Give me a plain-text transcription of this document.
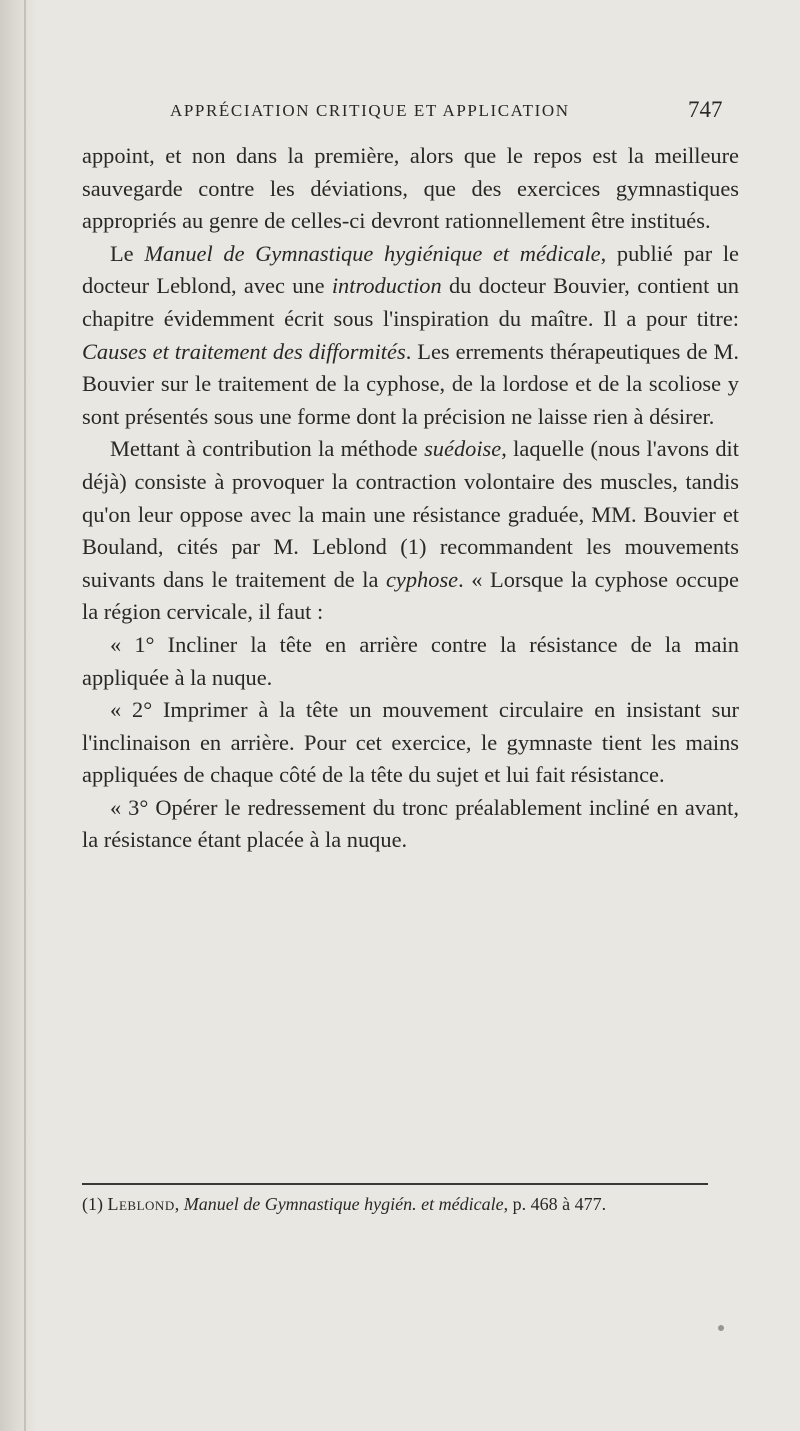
APPRÉCIATION CRITIQUE ET APPLICATION	747

appoint, et non dans la première, alors que le repos est la meilleure sauvegarde contre les déviations, que des exercices gymnastiques appropriés au genre de celles-ci devront rationnellement être institués.

Le Manuel de Gymnastique hygiénique et médicale, publié par le docteur Leblond, avec une introduction du docteur Bouvier, contient un chapitre évidemment écrit sous l'inspiration du maître. Il a pour titre: Causes et traitement des difformités. Les errements thérapeutiques de M. Bouvier sur le traitement de la cyphose, de la lordose et de la scoliose y sont présentés sous une forme dont la précision ne laisse rien à désirer.

Mettant à contribution la méthode suédoise, laquelle (nous l'avons dit déjà) consiste à provoquer la contraction volontaire des muscles, tandis qu'on leur oppose avec la main une résistance graduée, MM. Bouvier et Bouland, cités par M. Leblond (1) recommandent les mouvements suivants dans le traitement de la cyphose. « Lorsque la cyphose occupe la région cervicale, il faut :

« 1° Incliner la tête en arrière contre la résistance de la main appliquée à la nuque.

« 2° Imprimer à la tête un mouvement circulaire en insistant sur l'inclinaison en arrière. Pour cet exercice, le gymnaste tient les mains appliquées de chaque côté de la tête du sujet et lui fait résistance.

« 3° Opérer le redressement du tronc préalablement incliné en avant, la résistance étant placée à la nuque.

(1) Leblond, Manuel de Gymnastique hygién. et médicale, p. 468 à 477.
